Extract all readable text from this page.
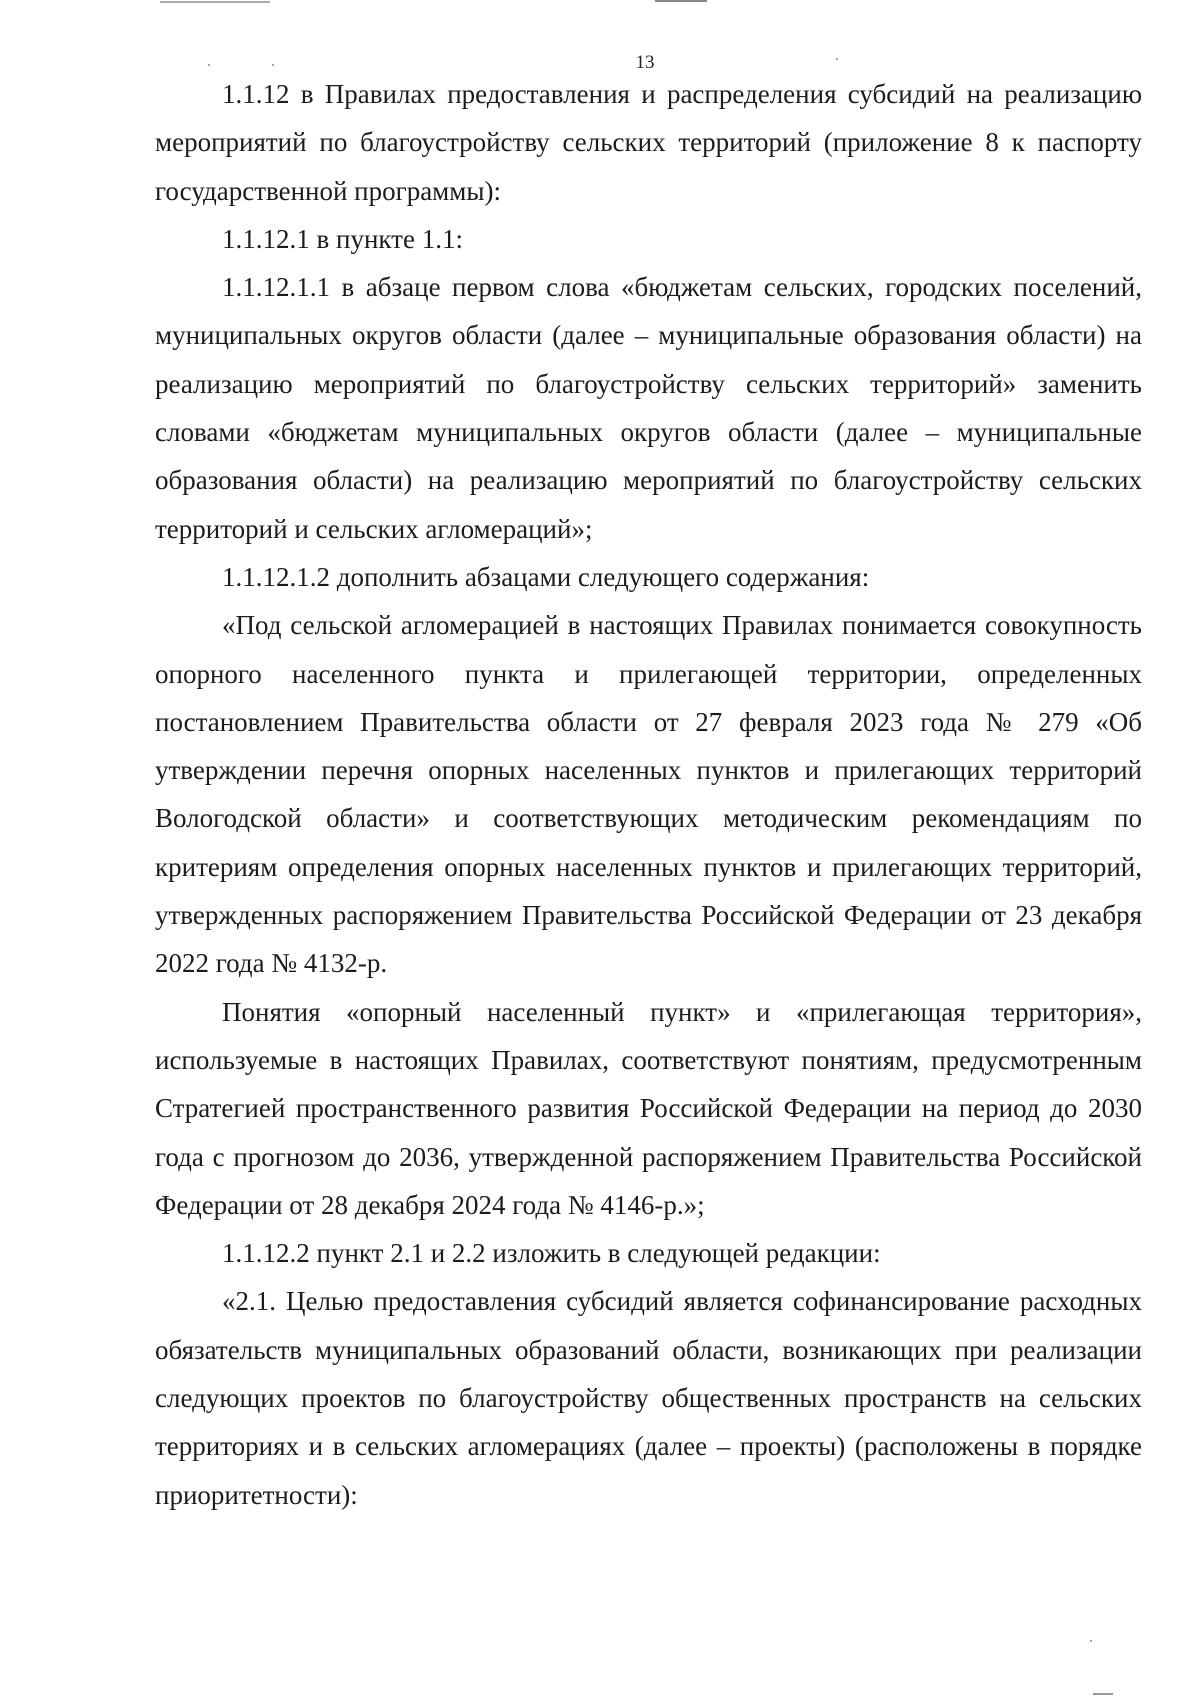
13

1.1.12 в Правилах предоставления и распределения субсидий на реализацию мероприятий по благоустройству сельских территорий (приложение 8 к паспорту государственной программы):

1.1.12.1 в пункте 1.1:

1.1.12.1.1 в абзаце первом слова «бюджетам сельских, городских поселений, муниципальных округов области (далее – муниципальные образования области) на реализацию мероприятий по благоустройству сельских территорий» заменить словами «бюджетам муниципальных округов области (далее – муниципальные образования области) на реализацию мероприятий по благоустройству сельских территорий и сельских агломераций»;

1.1.12.1.2 дополнить абзацами следующего содержания:

«Под сельской агломерацией в настоящих Правилах понимается совокупность опорного населенного пункта и прилегающей территории, определенных постановлением Правительства области от 27 февраля 2023 года № 279 «Об утверждении перечня опорных населенных пунктов и прилегающих территорий Вологодской области» и соответствующих методическим рекомендациям по критериям определения опорных населенных пунктов и прилегающих территорий, утвержденных распоряжением Правительства Российской Федерации от 23 декабря 2022 года № 4132-р.

Понятия «опорный населенный пункт» и «прилегающая территория», используемые в настоящих Правилах, соответствуют понятиям, предусмотренным Стратегией пространственного развития Российской Федерации на период до 2030 года с прогнозом до 2036, утвержденной распоряжением Правительства Российской Федерации от 28 декабря 2024 года № 4146-р.»;

1.1.12.2 пункт 2.1 и 2.2 изложить в следующей редакции:

«2.1. Целью предоставления субсидий является софинансирование расходных обязательств муниципальных образований области, возникающих при реализации следующих проектов по благоустройству общественных пространств на сельских территориях и в сельских агломерациях (далее – проекты) (расположены в порядке приоритетности):
